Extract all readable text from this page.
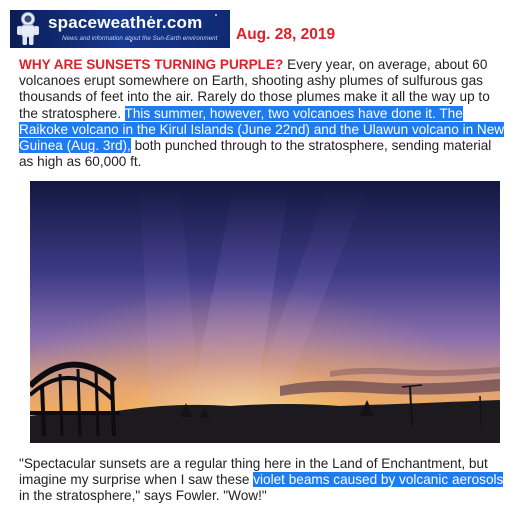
spaceweather.com
News and information about the Sun-Earth environment Aug. 28, 2019
WHY ARE SUNSETS TURNING PURPLE? Every year, on average, about 60 volcanoes erupt somewhere on Earth, shooting ashy plumes of sulfurous gas thousands of feet into the air. Rarely do those plumes make it all the way up to the stratosphere. This summer, however, two volcanoes have done it. The Raikoke volcano in the Kirul Islands (June 22nd) and the Ulawun volcano in New Guinea (Aug. 3rd), both punched through to the stratosphere, sending material as high as 60,000 ft.
"Spectacular sunsets are a regular thing here in the Land of Enchantment, but imagine my surprise when I saw these violet beams caused by volcanic aerosols in the stratosphere," says Fowler. "Wow!"
